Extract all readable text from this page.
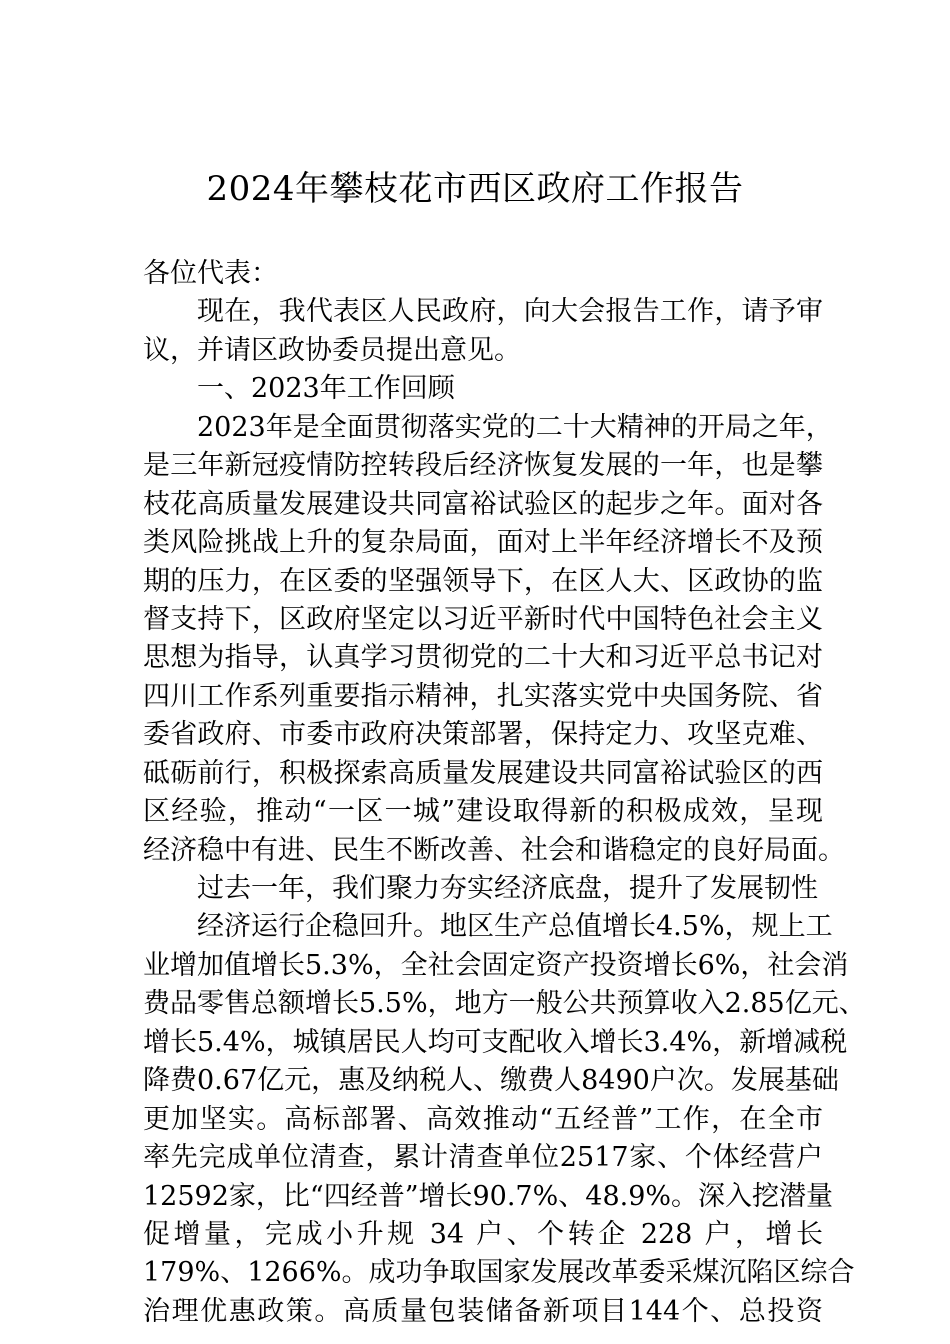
2024年攀枝花市西区政府工作报告
各位代表：
现在，我代表区人民政府，向大会报告工作，请予审
议，并请区政协委员提出意见。
一、2023年工作回顾
2023年是全面贯彻落实党的二十大精神的开局之年，
是三年新冠疫情防控转段后经济恢复发展的一年，也是攀
枝花高质量发展建设共同富裕试验区的起步之年。面对各
类风险挑战上升的复杂局面，面对上半年经济增长不及预
期的压力，在区委的坚强领导下，在区人大、区政协的监
督支持下，区政府坚定以习近平新时代中国特色社会主义
思想为指导，认真学习贯彻党的二十大和习近平总书记对
四川工作系列重要指示精神，扎实落实党中央国务院、省
委省政府、市委市政府决策部署，保持定力、攻坚克难、
砥砺前行，积极探索高质量发展建设共同富裕试验区的西
区经验，推动“一区一城”建设取得新的积极成效，呈现
经济稳中有进、民生不断改善、社会和谐稳定的良好局面。
过去一年，我们聚力夯实经济底盘，提升了发展韧性
经济运行企稳回升。地区生产总值增长4.5%，规上工
业增加值增长5.3%，全社会固定资产投资增长6%，社会消
费品零售总额增长5.5%，地方一般公共预算收入2.85亿元、
增长5.4%，城镇居民人均可支配收入增长3.4%，新增减税
降费0.67亿元，惠及纳税人、缴费人8490户次。发展基础
更加坚实。高标部署、高效推动“五经普”工作，在全市
率先完成单位清查，累计清查单位2517家、个体经营户
12592家，比“四经普”增长90.7%、48.9%。深入挖潜量
促增量，完成小升规 34 户、个转企 228 户，增长
179%、1266%。成功争取国家发展改革委采煤沉陷区综合
治理优惠政策。高质量包装储备新项目144个、总投资
